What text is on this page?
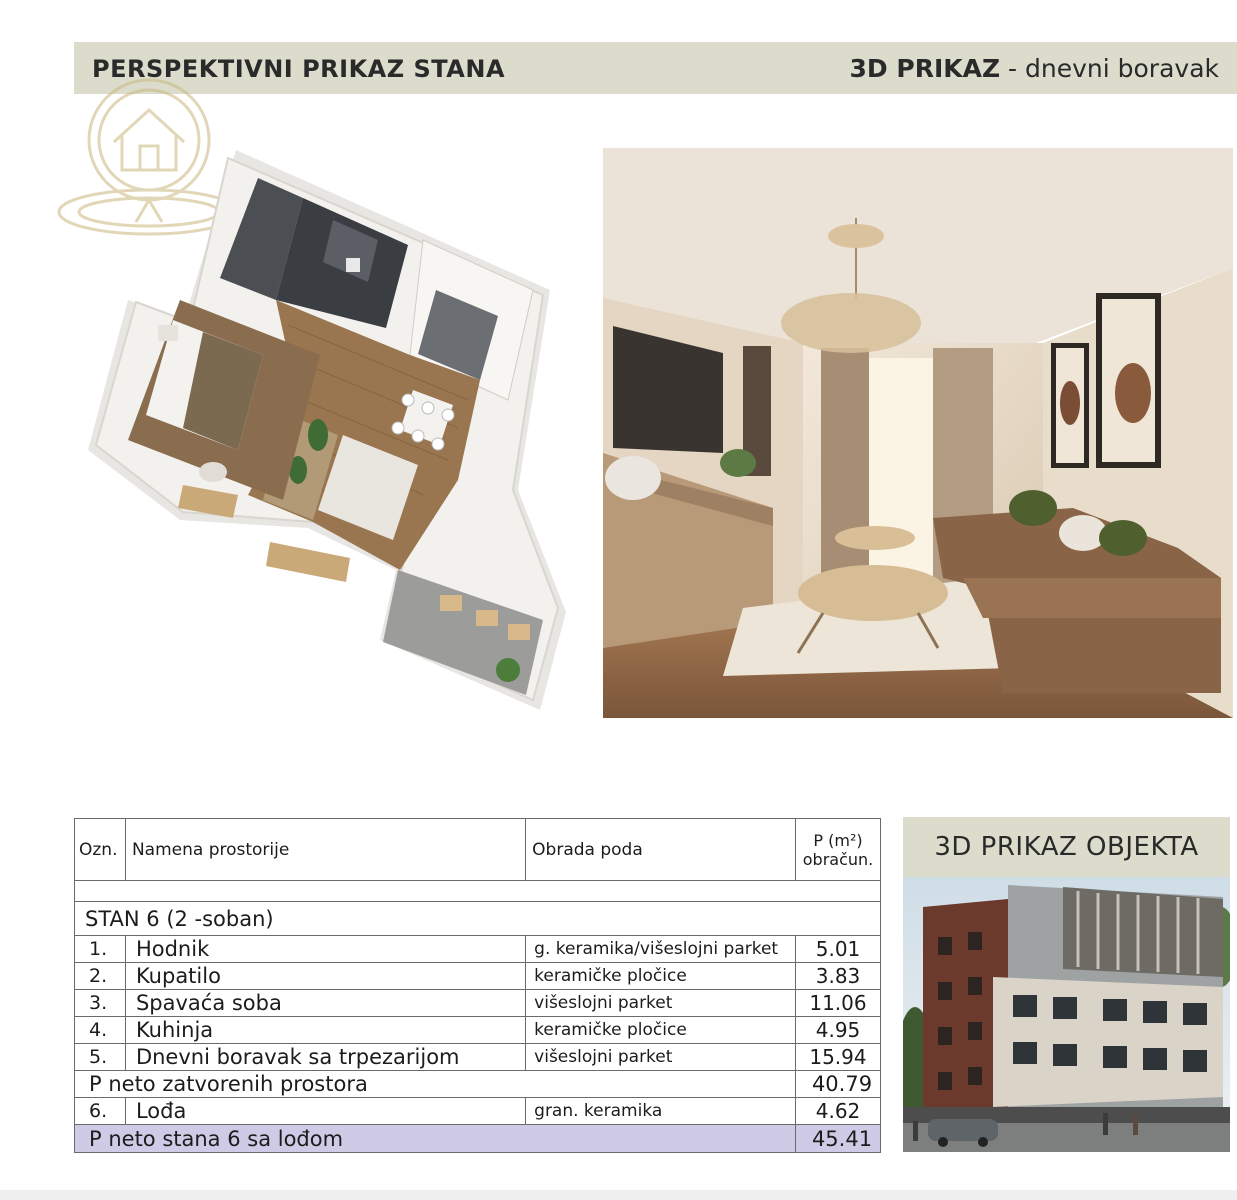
PERSPEKTIVNI PRIKAZ STANA	3D PRIKAZ - dnevni boravak
Ozn.	Namena prostorije	Obrada poda	P (m²)
obračun.

STAN 6 (2 -soban)			
1.	Hodnik	g. keramika/višeslojni parket	5.01
2.	Kupatilo	keramičke pločice	3.83
3.	Spavaća soba	višeslojni parket	11.06
4.	Kuhinja	keramičke pločice	4.95
5.	Dnevni boravak sa trpezarijom	višeslojni parket	15.94
P neto zatvorenih prostora			40.79
6.	Lođa	gran. keramika	4.62
P neto stana 6 sa lođom			45.41
3D PRIKAZ OBJEKTA
